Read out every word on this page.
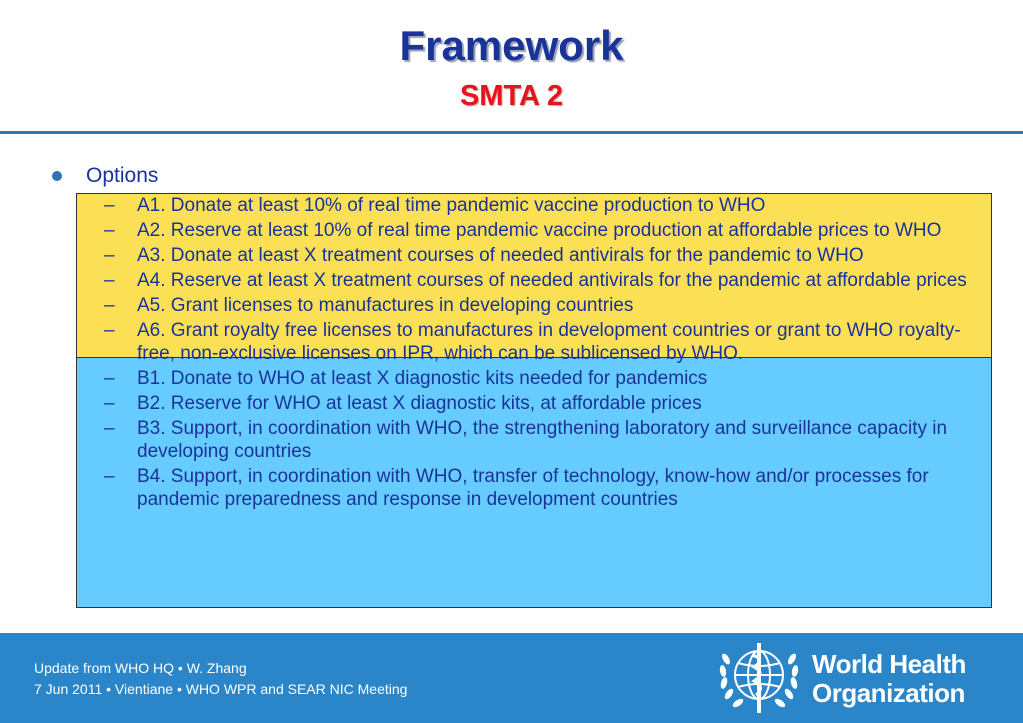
Framework
SMTA 2
Options
– A1. Donate at least 10% of real time pandemic vaccine production to WHO
– A2. Reserve at least 10% of real time pandemic vaccine production at affordable prices to WHO
– A3. Donate at least X treatment courses of needed antivirals for the pandemic to WHO
– A4. Reserve at least X treatment courses of needed antivirals for the pandemic at affordable prices
– A5. Grant licenses to manufactures in developing countries
– A6. Grant royalty free licenses to manufactures in development countries or grant to WHO royalty-free, non-exclusive licenses on IPR, which can be sublicensed by WHO.
– B1. Donate to WHO at least X diagnostic kits needed for pandemics
– B2. Reserve for WHO at least X diagnostic kits, at affordable prices
– B3. Support, in coordination with WHO, the strengthening laboratory and surveillance capacity in developing countries
– B4. Support, in coordination with WHO, transfer of technology, know-how and/or processes for pandemic preparedness and response in development countries
Update from WHO HQ • W. Zhang
7 Jun 2011 • Vientiane • WHO WPR and SEAR NIC Meeting
World Health
Organization
